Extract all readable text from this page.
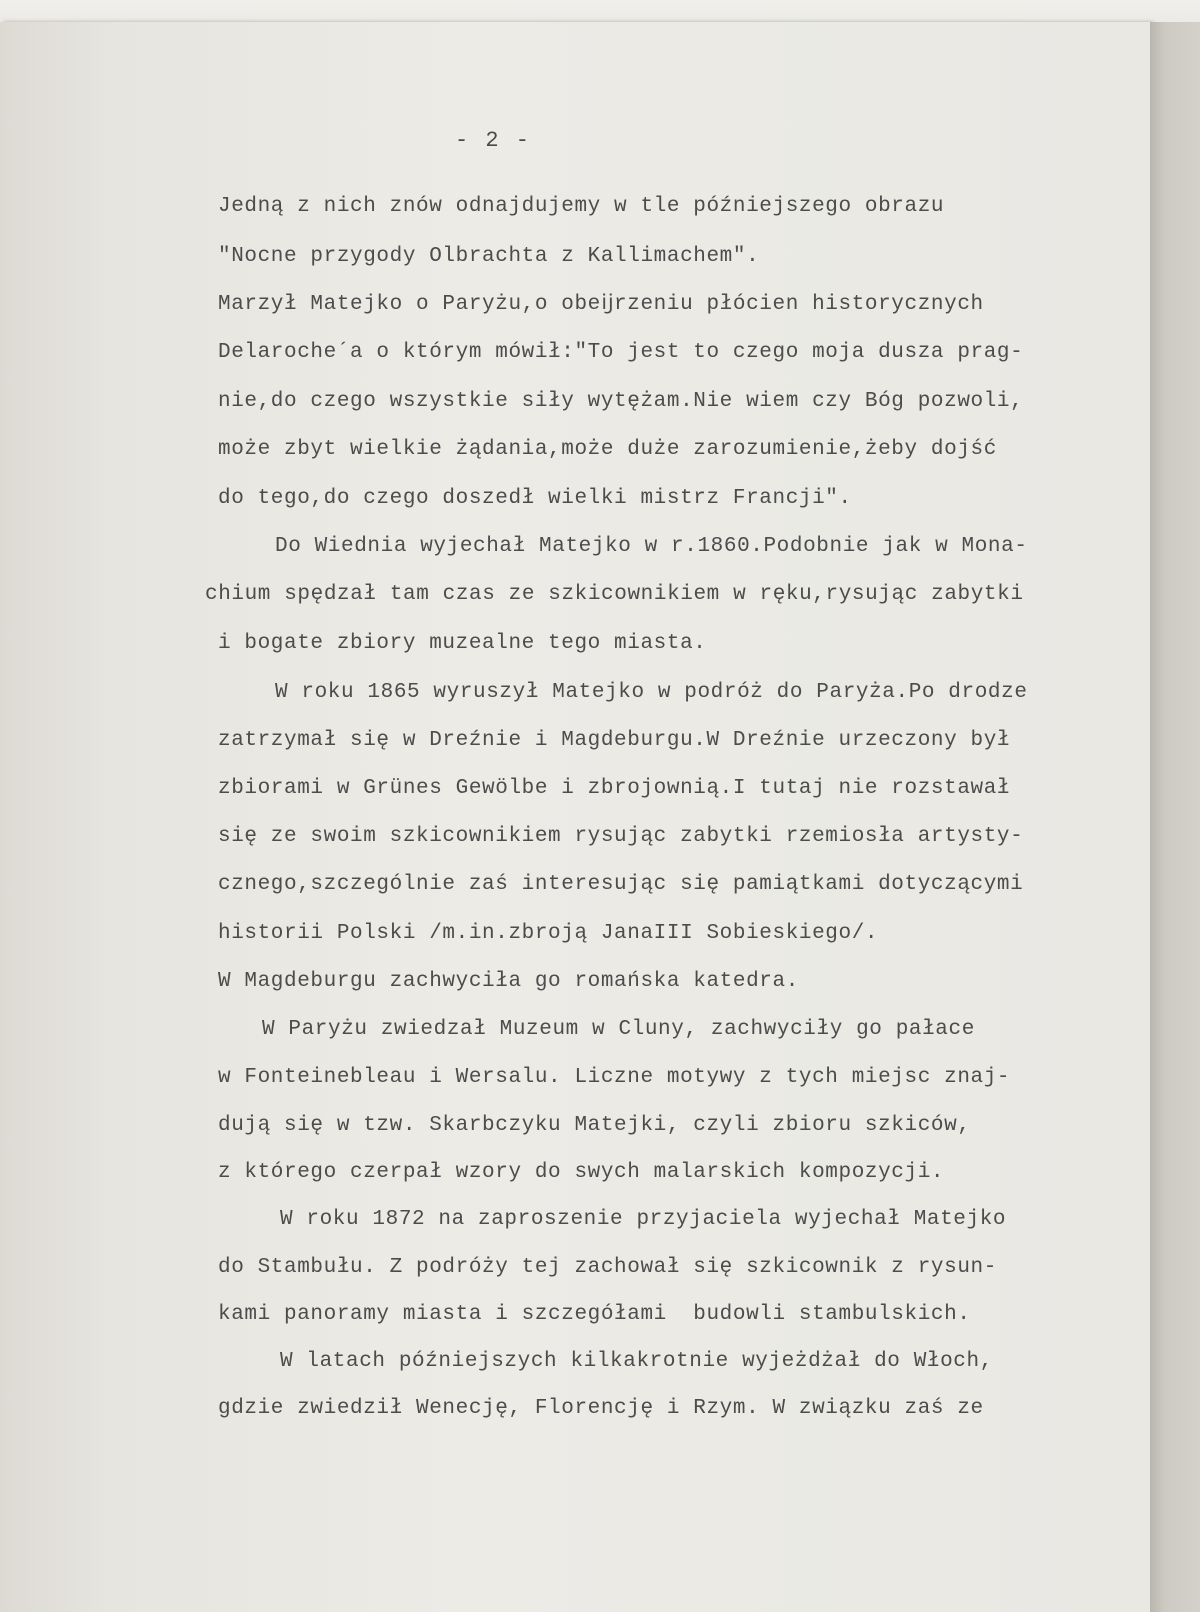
- 2 -
Jedną z nich znów odnajdujemy w tle późniejszego obrazu
"Nocne przygody Olbrachta z Kallimachem".
Marzył Matejko o Paryżu,o obeĳrzeniu płócien historycznych
Delaroche´a o którym mówił:"To jest to czego moja dusza prag-
nie,do czego wszystkie siły wytężam.Nie wiem czy Bóg pozwoli,
może zbyt wielkie żądania,może duże zarozumienie,żeby dojść
do tego,do czego doszedł wielki mistrz Francji".
Do Wiednia wyjechał Matejko w r.1860.Podobnie jak w Mona-
chium spędzał tam czas ze szkicownikiem w ręku,rysując zabytki
i bogate zbiory muzealne tego miasta.
W roku 1865 wyruszył Matejko w podróż do Paryża.Po drodze
zatrzymał się w Dreźnie i Magdeburgu.W Dreźnie urzeczony był
zbiorami w Grünes Gewölbe i zbrojownią.I tutaj nie rozstawał
się ze swoim szkicownikiem rysując zabytki rzemiosła artysty-
cznego,szczególnie zaś interesując się pamiątkami dotyczącymi
historii Polski /m.in.zbroją JanaIII Sobieskiego/.
W Magdeburgu zachwyciła go romańska katedra.
W Paryżu zwiedzał Muzeum w Cluny, zachwyciły go pałace
w Fonteinebleau i Wersalu. Liczne motywy z tych miejsc znaj-
dują się w tzw. Skarbczyku Matejki, czyli zbioru szkiców,
z którego czerpał wzory do swych malarskich kompozycji.
W roku 1872 na zaproszenie przyjaciela wyjechał Matejko
do Stambułu. Z podróży tej zachował się szkicownik z rysun-
kami panoramy miasta i szczegółami  budowli stambulskich.
W latach późniejszych kilkakrotnie wyjeżdżał do Włoch,
gdzie zwiedził Wenecję, Florencję i Rzym. W związku zaś ze
